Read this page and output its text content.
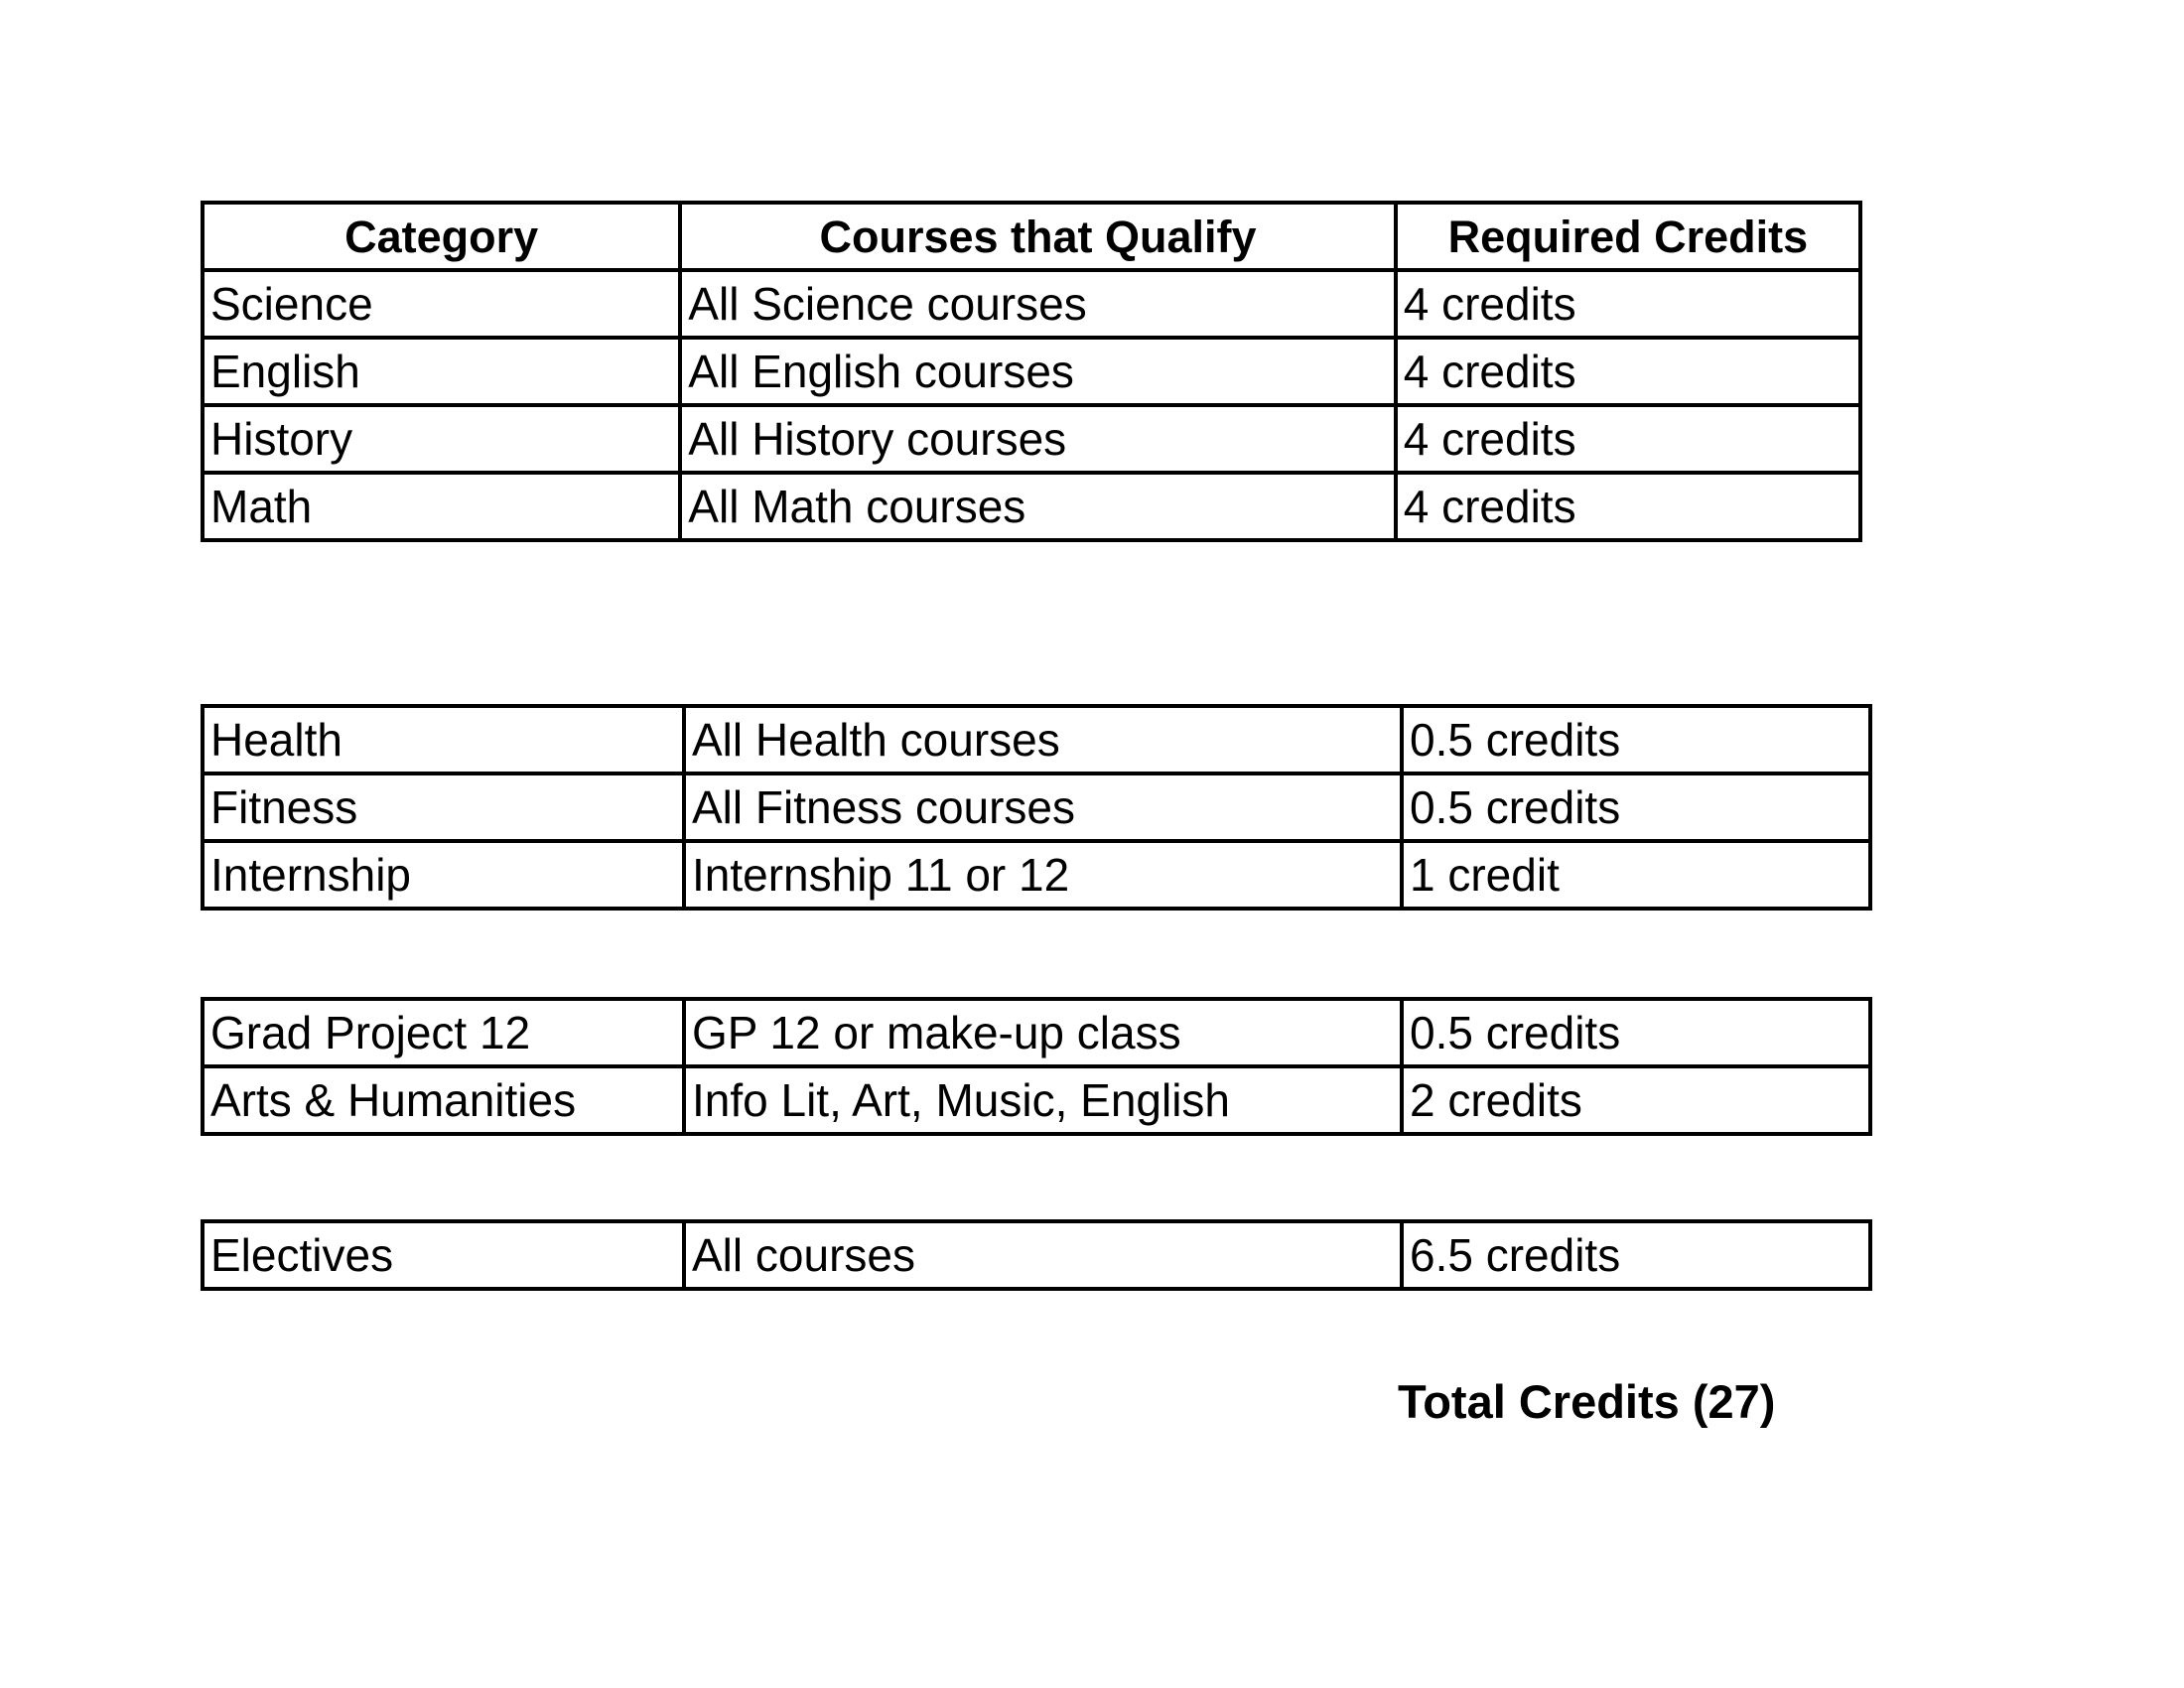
Category	Courses that Qualify	Required Credits
Science	All Science courses	4 credits
English	All English courses	4 credits
History	All History courses	4 credits
Math	All Math courses	4 credits
Health	All Health courses	0.5 credits
Fitness	All Fitness courses	0.5 credits
Internship	Internship 11 or 12	1 credit
Grad Project 12	GP 12 or make-up class	0.5 credits
Arts & Humanities	Info Lit, Art, Music, English	2 credits
Electives	All courses	6.5 credits
Total Credits (27)
